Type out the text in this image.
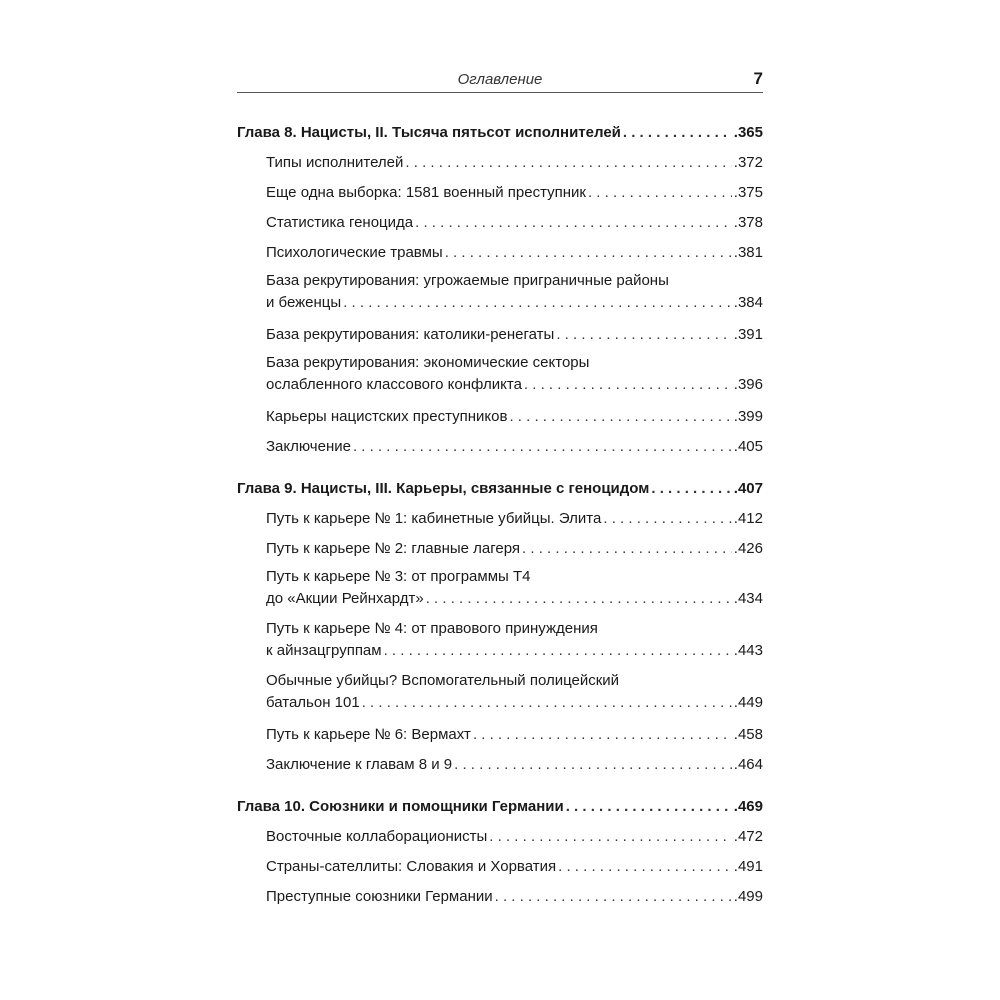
Оглавление	7
Глава 8. Нацисты, II. Тысяча пятьсот исполнителей . . .	.365
Типы исполнителей . . .	.372
Еще одна выборка: 1581 военный преступник . . .	.375
Статистика геноцида . . .	.378
Психологические травмы . . .	.381
База рекрутирования: угрожаемые приграничные районы
и беженцы . . .	.384
База рекрутирования: католики-ренегаты . . .	.391
База рекрутирования: экономические секторы
ослабленного классового конфликта . . .	.396
Карьеры нацистских преступников . . .	.399
Заключение . . .	.405
Глава 9. Нацисты, III. Карьеры, связанные с геноцидом . . .	.407
Путь к карьере № 1: кабинетные убийцы. Элита . . .	.412
Путь к карьере № 2: главные лагеря . . .	.426
Путь к карьере № 3: от программы Т4
до «Акции Рейнхардт» . . .	.434
Путь к карьере № 4: от правового принуждения
к айнзацгруппам . . .	.443
Обычные убийцы? Вспомогательный полицейский
батальон 101 . . .	.449
Путь к карьере № 6: Вермахт . . .	.458
Заключение к главам 8 и 9 . . .	.464
Глава 10. Союзники и помощники Германии . . .	.469
Восточные коллаборационисты . . .	.472
Страны-сателлиты: Словакия и Хорватия . . .	.491
Преступные союзники Германии . . .	.499
